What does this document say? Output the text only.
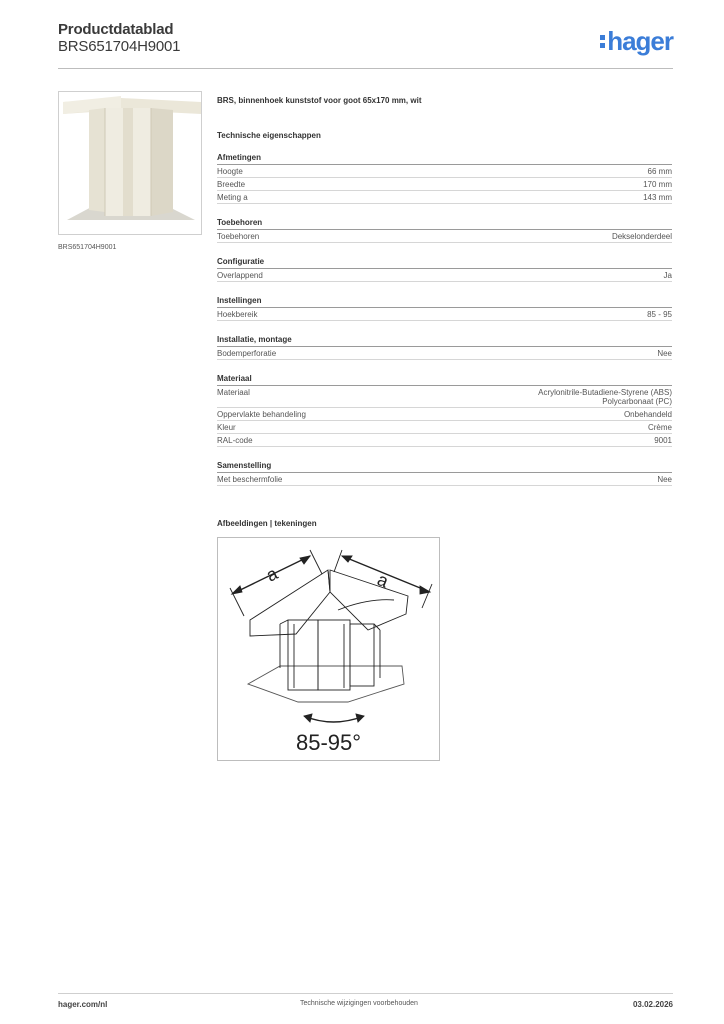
Productdatablad
BRS651704H9001	hager
BRS651704H9001
BRS, binnenhoek kunststof voor goot 65x170 mm, wit
Technische eigenschappen
Afmetingen
Hoogte	66 mm
Breedte	170 mm
Meting a	143 mm
Toebehoren
Toebehoren	Dekselonderdeel
Configuratie
Overlappend	Ja
Instellingen
Hoekbereik	85 - 95
Installatie, montage
Bodemperforatie	Nee
Materiaal
Materiaal	Acrylonitrile-Butadiene-Styrene (ABS)
Polycarbonaat (PC)
Oppervlakte behandeling	Onbehandeld
Kleur	Crème
RAL-code	9001
Samenstelling
Met beschermfolie	Nee
Afbeeldingen | tekeningen
a	a
85-95°
hager.com/nl	Technische wijzigingen voorbehouden	03.02.2026
